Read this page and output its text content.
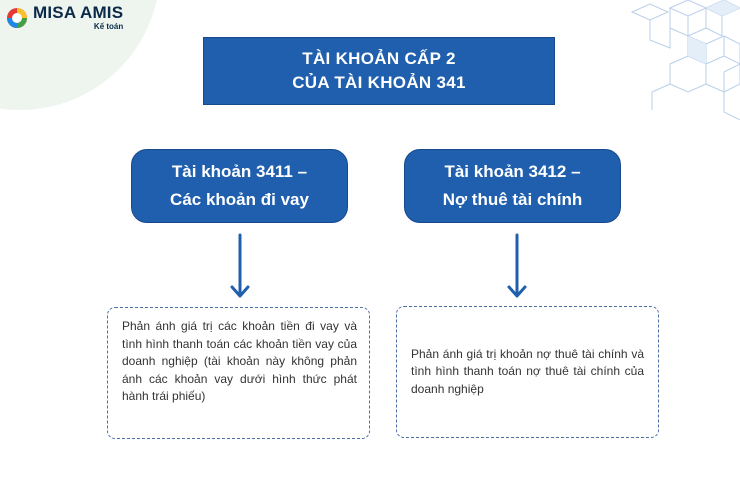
MISA AMIS
Kế toán
TÀI KHOẢN CẤP 2
CỦA TÀI KHOẢN 341
Tài khoản 3411 –
Các khoản đi vay
Tài khoản 3412 –
Nợ thuê tài chính
Phản ánh giá trị các khoản tiền đi vay và tình hình thanh toán các khoản tiền vay của doanh nghiệp (tài khoản này không phản ánh các khoản vay dưới hình thức phát hành trái phiếu)
Phản ánh giá trị khoản nợ thuê tài chính và tình hình thanh toán nợ thuê tài chính của doanh nghiệp
